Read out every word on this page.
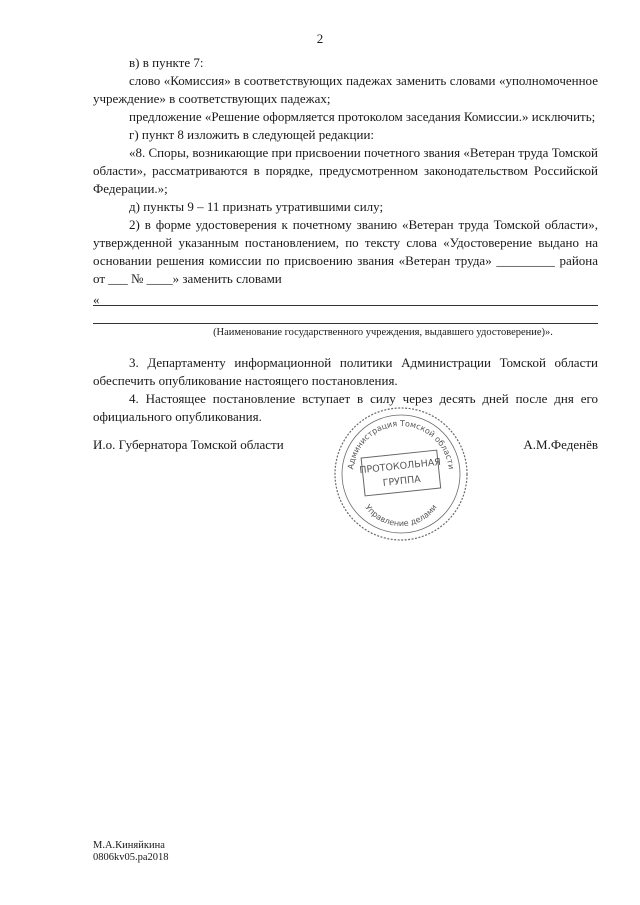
2

в) в пункте 7:

слово «Комиссия» в соответствующих падежах заменить словами «уполномоченное учреждение» в соответствующих падежах;

предложение «Решение оформляется протоколом заседания Комиссии.» исключить;

г) пункт 8 изложить в следующей редакции:

«8. Споры, возникающие при присвоении почетного звания «Ветеран труда Томской области», рассматриваются в порядке, предусмотренном законодательством Российской Федерации.»;

д) пункты 9 – 11 признать утратившими силу;

2) в форме удостоверения к почетному званию «Ветеран труда Томской области», утвержденной указанным постановлением, по тексту слова «Удостоверение выдано на основании решения комиссии по присвоению звания «Ветеран труда» _________ района от ___ № ____» заменить словами

«
(Наименование государственного учреждения, выдавшего удостоверение)».

3. Департаменту информационной политики Администрации Томской области обеспечить опубликование настоящего постановления.

4. Настоящее постановление вступает в силу через десять дней после дня его официального опубликования.

И.о. Губернатора Томской области	А.М.Феденёв
Администрация Томской области
Управление делами
ПРОТОКОЛЬНАЯ
ГРУППА
М.А.Киняйкина
0806kv05.ра2018
